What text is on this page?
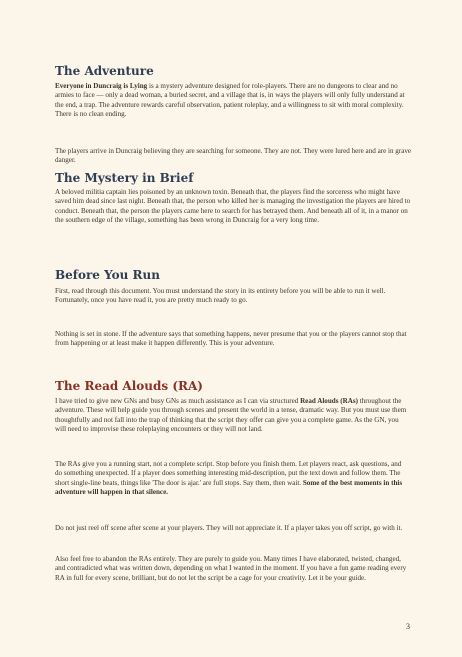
The Adventure

Everyone in Duncraig is Lying is a mystery adventure designed for role-players. There are no dungeons to clear and no armies to face — only a dead woman, a buried secret, and a village that is, in ways the players will only fully understand at the end, a trap. The adventure rewards careful observation, patient roleplay, and a willingness to sit with moral complexity. There is no clean ending.

The players arrive in Duncraig believing they are searching for someone. They are not. They were lured here and are in grave danger.

The Mystery in Brief

A beloved militia captain lies poisoned by an unknown toxin. Beneath that, the players find the sorceress who might have saved him dead since last night. Beneath that, the person who killed her is managing the investigation the players are hired to conduct. Beneath that, the person the players came here to search for has betrayed them. And beneath all of it, in a manor on the southern edge of the village, something has been wrong in Duncraig for a very long time.

Before You Run

First, read through this document. You must understand the story in its entirety before you will be able to run it well. Fortunately, once you have read it, you are pretty much ready to go.

Nothing is set in stone. If the adventure says that something happens, never presume that you or the players cannot stop that from happening or at least make it happen differently. This is your adventure.

The Read Alouds (RA)

I have tried to give new GNs and busy GNs as much assistance as I can via structured Read Alouds (RAs) throughout the adventure. These will help guide you through scenes and present the world in a tense, dramatic way. But you must use them thoughtfully and not fall into the trap of thinking that the script they offer can give you a complete game. As the GN, you will need to improvise these roleplaying encounters or they will not land.

The RAs give you a running start, not a complete script. Stop before you finish them. Let players react, ask questions, and do something unexpected. If a player does something interesting mid-description, put the text down and follow them. The short single-line beats, things like 'The door is ajar.' are full stops. Say them, then wait. Some of the best moments in this adventure will happen in that silence.

Do not just reel off scene after scene at your players. They will not appreciate it. If a player takes you off script, go with it.

Also feel free to abandon the RAs entirely. They are purely to guide you. Many times I have elaborated, twisted, changed, and contradicted what was written down, depending on what I wanted in the moment. If you have a fun game reading every RA in full for every scene, brilliant, but do not let the script be a cage for your creativity. Let it be your guide.

3
